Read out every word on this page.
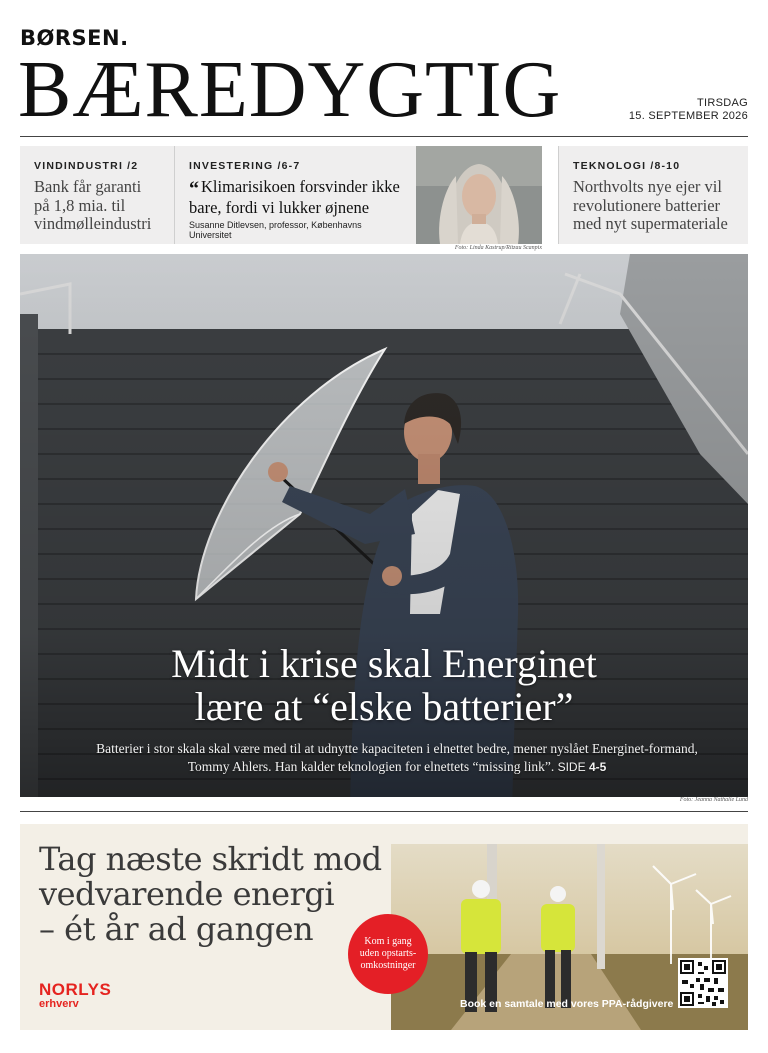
BØRSEN.
BÆREDYGTIG	TIRSDAG
15. SEPTEMBER 2026
VINDINDUSTRI /2
Bank får garanti på 1,8 mia. til vindmølleindustri
INVESTERING /6-7
“ Klimarisikoen forsvinder ikke bare, fordi vi lukker øjnene
Susanne Ditlevsen, professor, Københavns Universitet
Foto: Linda Kastrup/Ritzau Scanpix
TEKNOLOGI /8-10
Northvolts nye ejer vil revolutionere batterier med nyt supermateriale
Midt i krise skal Energinet
lære at “elske batterier”
Batterier i stor skala skal være med til at udnytte kapaciteten i elnettet bedre, mener nyslået Energinet-formand, Tommy Ahlers. Han kalder teknologien for elnettets “missing link”. SIDE 4-5
Foto: Jeanna Nathalie Lund
Tag næste skridt mod
vedvarende energi
– ét år ad gangen
NORLYS
erhverv
Kom i gang
uden opstarts-
omkostninger
Book en samtale med vores PPA-rådgivere
